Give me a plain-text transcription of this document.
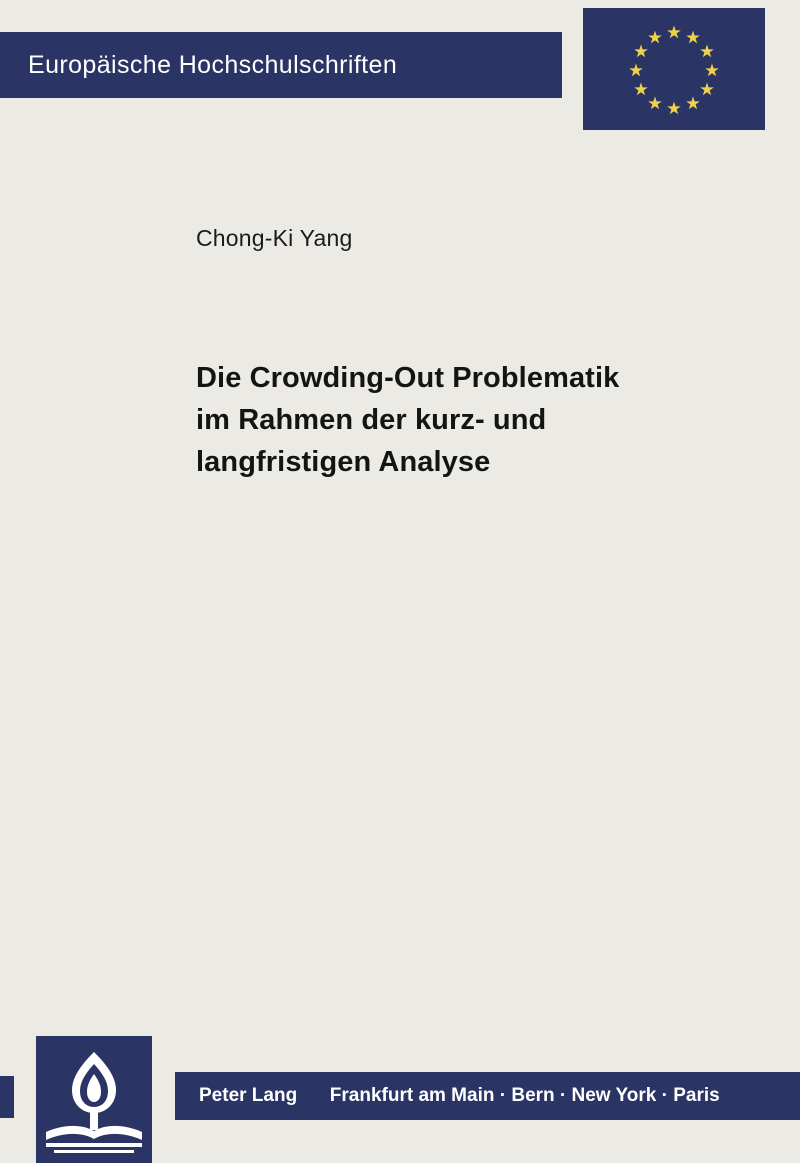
Europäische Hochschulschriften
Chong-Ki Yang
Die Crowding-Out Problematik
im Rahmen der kurz- und
langfristigen Analyse
Peter Lang Frankfurt am Main · Bern · New York · Paris
